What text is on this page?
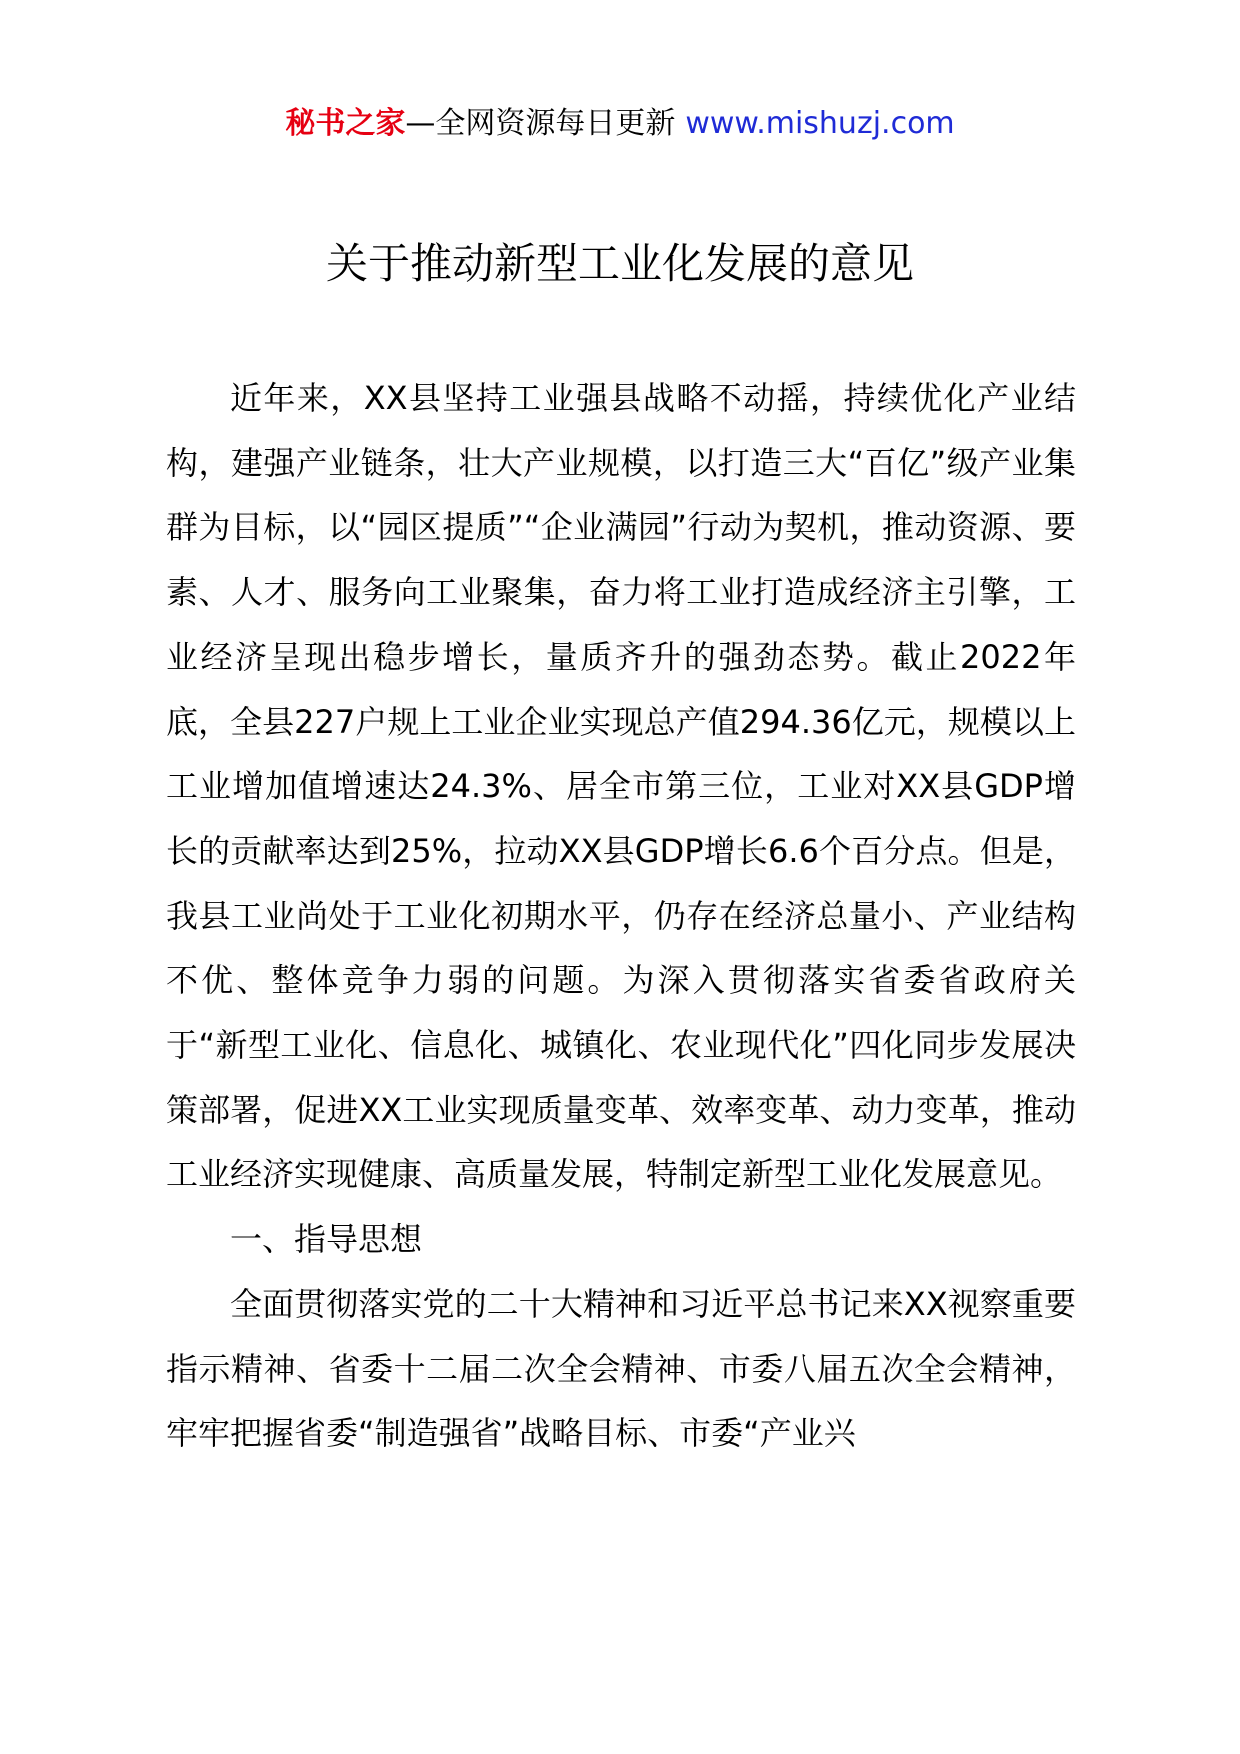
秘书之家—全网资源每日更新 www.mishuzj.com
关于推动新型工业化发展的意见

近年来，XX县坚持工业强县战略不动摇，持续优化产业结构，建强产业链条，壮大产业规模，以打造三大“百亿”级产业集群为目标，以“园区提质”“企业满园”行动为契机，推动资源、要素、人才、服务向工业聚集，奋力将工业打造成经济主引擎，工业经济呈现出稳步增长，量质齐升的强劲态势。截止2022年底，全县227户规上工业企业实现总产值294.36亿元，规模以上工业增加值增速达24.3%、居全市第三位，工业对XX县GDP增长的贡献率达到25%，拉动XX县GDP增长6.6个百分点。但是，我县工业尚处于工业化初期水平，仍存在经济总量小、产业结构不优、整体竞争力弱的问题。为深入贯彻落实省委省政府关于“新型工业化、信息化、城镇化、农业现代化”四化同步发展决策部署，促进XX工业实现质量变革、效率变革、动力变革，推动工业经济实现健康、高质量发展，特制定新型工业化发展意见。

一、指导思想

全面贯彻落实党的二十大精神和习近平总书记来XX视察重要指示精神、省委十二届二次全会精神、市委八届五次全会精神，牢牢把握省委“制造强省”战略目标、市委“产业兴
